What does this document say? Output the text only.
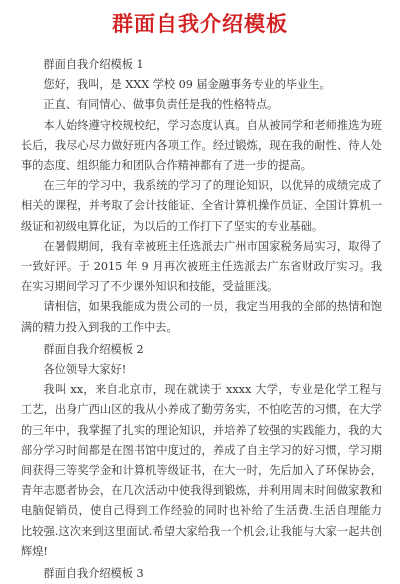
群面自我介绍模板

群面自我介绍模板 1

您好，我叫，是 XXX 学校 09 届金融事务专业的毕业生。

正直、有同情心、做事负责任是我的性格特点。

本人始终遵守校规校纪，学习态度认真。自从被同学和老师推选为班长后，我尽心尽力做好班内各项工作。经过锻炼，现在我的耐性、待人处事的态度、组织能力和团队合作精神都有了进一步的提高。

在三年的学习中，我系统的学习了的理论知识，以优异的成绩完成了相关的课程，并考取了会计技能证、全省计算机操作员证、全国计算机一级证和初级电算化证，为以后的工作打下了坚实的专业基础。

在暑假期间，我有幸被班主任选派去广州市国家税务局实习，取得了一致好评。于 2015 年 9 月再次被班主任选派去广东省财政厅实习。我在实习期间学习了不少课外知识和技能，受益匪浅。

请相信，如果我能成为贵公司的一员，我定当用我的全部的热情和饱满的精力投入到我的工作中去。

群面自我介绍模板 2

各位领导大家好!

我叫 xx，来自北京市，现在就读于 xxxx 大学，专业是化学工程与工艺，出身广西山区的我从小养成了勤劳务实，不怕吃苦的习惯，在大学的三年中，我掌握了扎实的理论知识，并培养了较强的实践能力，我的大部分学习时间都是在图书馆中度过的，养成了自主学习的好习惯，学习期间获得三等奖学金和计算机等级证书，在大一时，先后加入了环保协会，青年志愿者协会，在几次活动中使我得到锻炼，并利用周末时间做家教和电脑促销员，使自己得到工作经验的同时也补给了生活费.生活自理能力比较强.这次来到这里面试.希望大家给我一个机会,让我能与大家一起共创辉煌!

群面自我介绍模板 3
